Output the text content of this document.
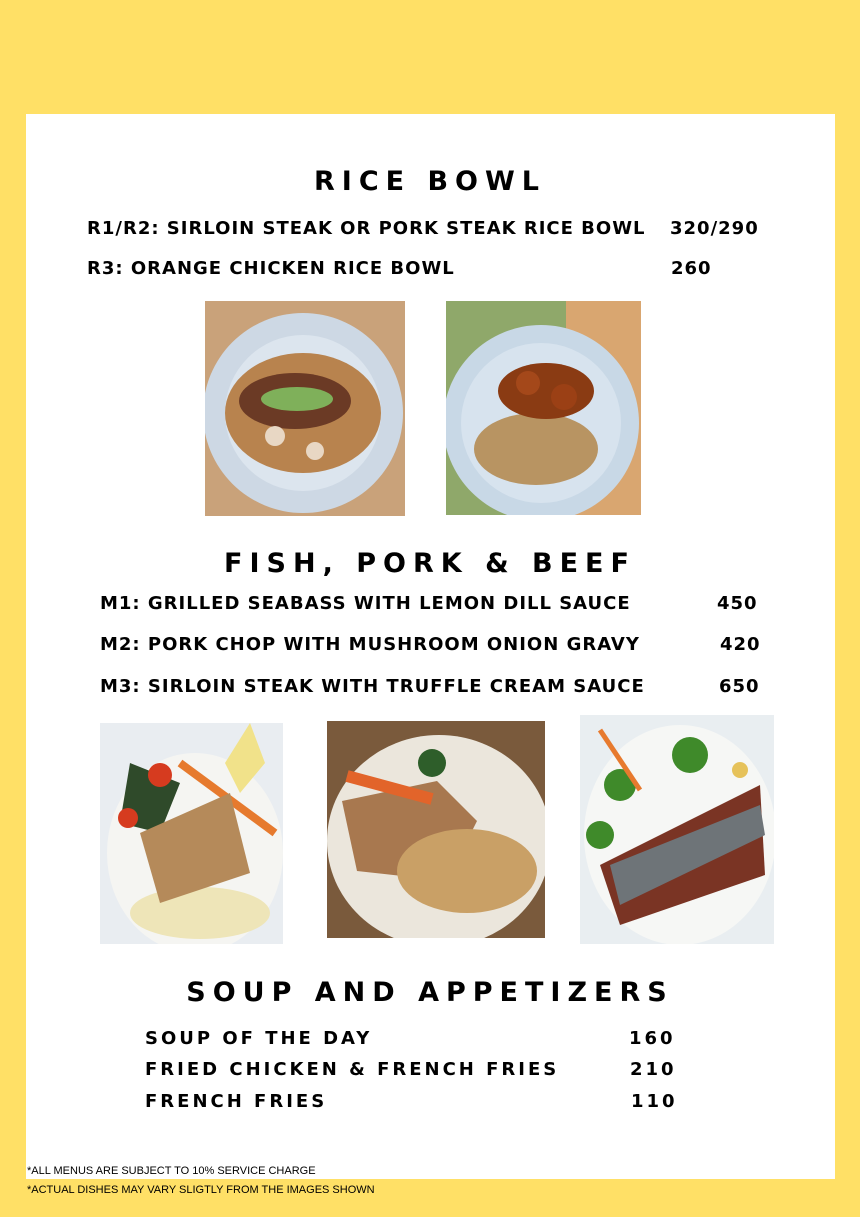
RICE BOWL
R1/R2: SIRLOIN STEAK OR PORK STEAK RICE BOWL 320/290
R3: ORANGE CHICKEN RICE BOWL	260
FISH, PORK & BEEF
M1: GRILLED SEABASS WITH LEMON DILL SAUCE	450
M2: PORK CHOP WITH MUSHROOM ONION GRAVY	420
M3: SIRLOIN STEAK WITH TRUFFLE CREAM SAUCE	650
SOUP AND APPETIZERS
SOUP OF THE DAY	160
FRIED CHICKEN & FRENCH FRIES	210
FRENCH FRIES	110
*ALL MENUS ARE SUBJECT TO 10% SERVICE CHARGE
*ACTUAL DISHES MAY VARY SLIGTLY FROM THE IMAGES SHOWN
